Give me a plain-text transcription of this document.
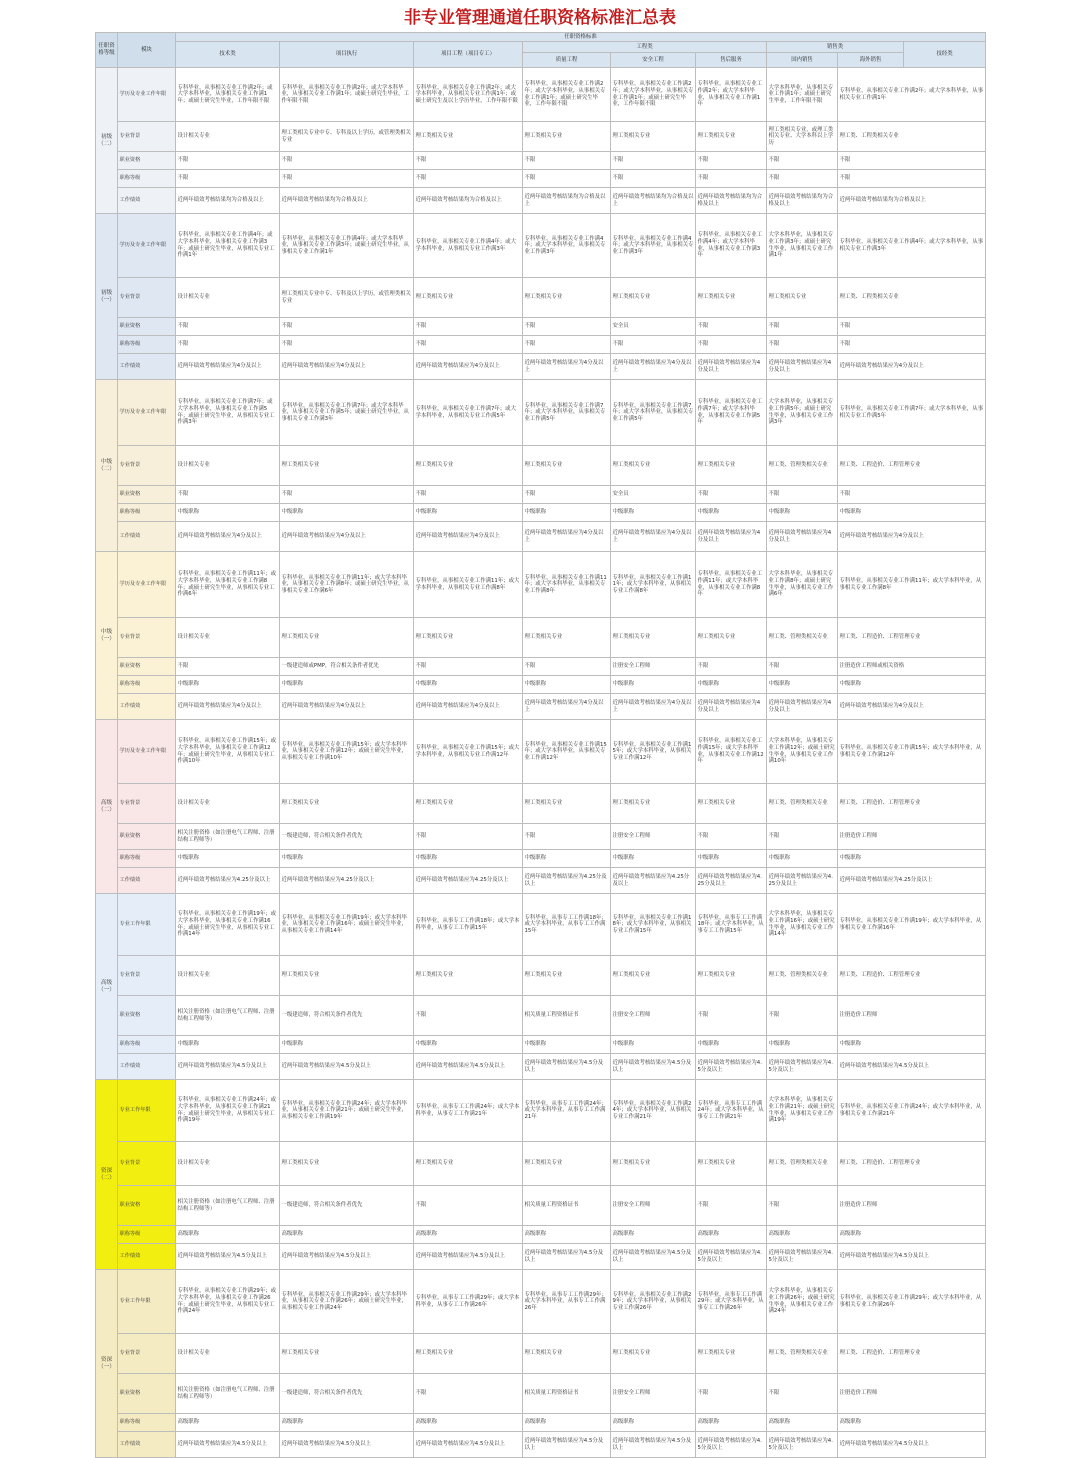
非专业管理通道任职资格标准汇总表
任职资格等级	模块	任职资格标准								
		技术类	项目执行	项目工程（项目专工）	工程类			销售类		技经类
					质量工程	安全工程	售后服务	国内销售	海外销售	
初级（二）	学历及专业工作年限	专科毕业，从事相关专业工作满2年；或大学本科毕业，从事相关专业工作满1年；或硕士研究生毕业，工作年限不限	专科毕业，从事相关专业工作满2年；或大学本科毕业，从事相关专业工作满1年；或硕士研究生毕业，工作年限不限	专科毕业，从事相关专业工作满2年；或大学本科毕业，从事相关专业工作满1年；或硕士研究生及以上学历毕业，工作年限不限	专科毕业，从事相关专业工作满2年；或大学本科毕业，从事相关专业工作满1年；或硕士研究生毕业，工作年限不限	专科毕业，从事相关专业工作满2年；或大学本科毕业，从事相关专业工作满1年；或硕士研究生毕业，工作年限不限	专科毕业，从事相关专业工作满2年；或大学本科毕业，从事相关专业工作满1年	大学本科毕业，从事相关专业工作满1年；或硕士研究生毕业，工作年限不限	专科毕业，从事相关专业工作满2年；或大学本科毕业，从事相关专业工作满1年	
	专业背景	设计相关专业	理工类相关专业中专、专科及以上学历，或管理类相关专业	理工类相关专业	理工类相关专业	理工类相关专业	理工类相关专业	理工类相关专业，或理工类相关专业、大学本科以上学历	理工类、工程类相关专业	
	职业资格	不限	不限	不限	不限	不限	不限	不限	不限	
	职称等级	不限	不限	不限	不限	不限	不限	不限	不限	
	工作绩效	近两年绩效考核结果均为合格及以上	近两年绩效考核结果均为合格及以上	近两年绩效考核结果均为合格及以上	近两年绩效考核结果均为合格及以上	近两年绩效考核结果均为合格及以上	近两年绩效考核结果均为合格及以上	近两年绩效考核结果均为合格及以上	近两年绩效考核结果均为合格及以上	
初级（一）	学历及专业工作年限	专科毕业，从事相关专业工作满4年；或大学本科毕业，从事相关专业工作满3年；或硕士研究生毕业，从事相关专业工作满1年	专科毕业，从事相关专业工作满4年；或大学本科毕业，从事相关专业工作满3年；或硕士研究生毕业，从事相关专业工作满1年	专科毕业，从事相关专业工作满4年；或大学本科毕业，从事相关专业工作满3年	专科毕业，从事相关专业工作满4年；或大学本科毕业，从事相关专业工作满3年	专科毕业，从事相关专业工作满4年；或大学本科毕业，从事相关专业工作满3年	专科毕业，从事相关专业工作满4年；或大学本科毕业，从事相关专业工作满3年	大学本科毕业，从事相关专业工作满3年；或硕士研究生毕业，从事相关专业工作满1年	专科毕业，从事相关专业工作满4年；或大学本科毕业，从事相关专业工作满3年	
	专业背景	设计相关专业	理工类相关专业中专、专科及以上学历，或管理类相关专业	理工类相关专业	理工类相关专业	理工类相关专业	理工类相关专业	理工类相关专业	理工类、工程类相关专业	
	职业资格	不限	不限	不限	不限	安全员	不限	不限	不限	
	职称等级	不限	不限	不限	不限	不限	不限	不限	不限	
	工作绩效	近两年绩效考核结果应为4分及以上	近两年绩效考核结果应为4分及以上	近两年绩效考核结果应为4分及以上	近两年绩效考核结果应为4分及以上	近两年绩效考核结果应为4分及以上	近两年绩效考核结果应为4分及以上	近两年绩效考核结果应为4分及以上	近两年绩效考核结果应为4分及以上	
中级（二）	学历及专业工作年限	专科毕业，从事相关专业工作满7年；或大学本科毕业，从事相关专业工作满5年；或硕士研究生毕业，从事相关专业工作满3年	专科毕业，从事相关专业工作满7年；或大学本科毕业，从事相关专业工作满5年；或硕士研究生毕业，从事相关专业工作满3年	专科毕业，从事相关专业工作满7年；或大学本科毕业，从事相关专业工作满5年	专科毕业，从事相关专业工作满7年；或大学本科毕业，从事相关专业工作满5年	专科毕业，从事相关专业工作满7年；或大学本科毕业，从事相关专业工作满5年	专科毕业，从事相关专业工作满7年；或大学本科毕业，从事相关专业工作满5年	大学本科毕业，从事相关专业工作满5年；或硕士研究生毕业，从事相关专业工作满3年	专科毕业，从事相关专业工作满7年；或大学本科毕业，从事相关专业工作满5年	
	专业背景	设计相关专业	理工类相关专业	理工类相关专业	理工类相关专业	理工类相关专业	理工类相关专业	理工类、管理类相关专业	理工类、工程造价、工程管理专业	
	职业资格	不限	不限	不限	不限	安全员	不限	不限	不限	
	职称等级	中级职称	中级职称	中级职称	中级职称	中级职称	中级职称	中级职称	中级职称	
	工作绩效	近两年绩效考核结果应为4分及以上	近两年绩效考核结果应为4分及以上	近两年绩效考核结果应为4分及以上	近两年绩效考核结果应为4分及以上	近两年绩效考核结果应为4分及以上	近两年绩效考核结果应为4分及以上	近两年绩效考核结果应为4分及以上	近两年绩效考核结果应为4分及以上	
中级（一）	学历及专业工作年限	专科毕业，从事相关专业工作满11年；或大学本科毕业，从事相关专业工作满8年；或硕士研究生毕业，从事相关专业工作满6年	专科毕业，从事相关专业工作满11年；或大学本科毕业，从事相关专业工作满8年；或硕士研究生毕业，从事相关专业工作满6年	专科毕业，从事相关专业工作满11年；或大学本科毕业，从事相关专业工作满8年	专科毕业，从事相关专业工作满11年；或大学本科毕业，从事相关专业工作满8年	专科毕业，从事相关专业工作满11年；或大学本科毕业，从事相关专业工作满8年	专科毕业，从事相关专业工作满11年；或大学本科毕业，从事相关专业工作满8年	大学本科毕业，从事相关专业工作满8年；或硕士研究生毕业，从事相关专业工作满6年	专科毕业，从事相关专业工作满11年；或大学本科毕业，从事相关专业工作满8年	
	专业背景	设计相关专业	理工类相关专业	理工类相关专业	理工类相关专业	理工类相关专业	理工类相关专业	理工类、管理类相关专业	理工类、工程造价、工程管理专业	
	职业资格	不限	一级建造师或PMP，符合相关条件者优先	不限	不限	注册安全工程师	不限	不限	注册造价工程师或相关资格	
	职称等级	中级职称	中级职称	中级职称	中级职称	中级职称	中级职称	中级职称	中级职称	
	工作绩效	近两年绩效考核结果应为4分及以上	近两年绩效考核结果应为4分及以上	近两年绩效考核结果应为4分及以上	近两年绩效考核结果应为4分及以上	近两年绩效考核结果应为4分及以上	近两年绩效考核结果应为4分及以上	近两年绩效考核结果应为4分及以上	近两年绩效考核结果应为4分及以上	
高级（二）	学历及专业工作年限	专科毕业，从事相关专业工作满15年；或大学本科毕业，从事相关专业工作满12年；或硕士研究生毕业，从事相关专业工作满10年	专科毕业，从事相关专业工作满15年；或大学本科毕业，从事相关专业工作满12年；或硕士研究生毕业，从事相关专业工作满10年	专科毕业，从事相关专业工作满15年；或大学本科毕业，从事相关专业工作满12年	专科毕业，从事相关专业工作满15年；或大学本科毕业，从事相关专业工作满12年	专科毕业，从事相关专业工作满15年；或大学本科毕业，从事相关专业工作满12年	专科毕业，从事相关专业工作满15年；或大学本科毕业，从事相关专业工作满12年	大学本科毕业，从事相关专业工作满12年；或硕士研究生毕业，从事相关专业工作满10年	专科毕业，从事相关专业工作满15年；或大学本科毕业，从事相关专业工作满12年	
	专业背景	设计相关专业	理工类相关专业	理工类相关专业	理工类相关专业	理工类相关专业	理工类相关专业	理工类、管理类相关专业	理工类、工程造价、工程管理专业	
	职业资格	相关注册资格（如注册电气工程师、注册结构工程师等）	一级建造师，符合相关条件者优先	不限	不限	注册安全工程师	不限	不限	注册造价工程师	
	职称等级	中级职称	中级职称	中级职称	中级职称	中级职称	中级职称	中级职称	中级职称	
	工作绩效	近两年绩效考核结果应为4.25分及以上	近两年绩效考核结果应为4.25分及以上	近两年绩效考核结果应为4.25分及以上	近两年绩效考核结果应为4.25分及以上	近两年绩效考核结果应为4.25分及以上	近两年绩效考核结果应为4.25分及以上	近两年绩效考核结果应为4.25分及以上	近两年绩效考核结果应为4.25分及以上	
高级（一）	专业工作年限	专科毕业，从事相关专业工作满19年；或大学本科毕业，从事相关专业工作满16年；或硕士研究生毕业，从事相关专业工作满14年	专科毕业，从事相关专业工作满19年；或大学本科毕业，从事相关专业工作满16年；或硕士研究生毕业，从事相关专业工作满14年	专科毕业，从事专工工作满18年；或大学本科毕业，从事专工工作满15年	专科毕业，从事专工工作满18年；或大学本科毕业，从事专工工作满15年	专科毕业，从事相关专业工作满18年；或大学本科毕业，从事相关专业工作满15年	专科毕业，从事专工工作满18年；或大学本科毕业，从事专工工作满15年	大学本科毕业，从事相关专业工作满16年；或硕士研究生毕业，从事相关专业工作满14年	专科毕业，从事相关专业工作满19年；或大学本科毕业，从事相关专业工作满16年	
	专业背景	设计相关专业	理工类相关专业	理工类相关专业	理工类相关专业	理工类相关专业	理工类相关专业	理工类、管理类相关专业	理工类、工程造价、工程管理专业	
	职业资格	相关注册资格（如注册电气工程师、注册结构工程师等）	一级建造师，符合相关条件者优先	不限	相关质量工程资格证书	注册安全工程师	不限	不限	注册造价工程师	
	职称等级	中级职称	中级职称	中级职称	中级职称	中级职称	中级职称	中级职称	中级职称	
	工作绩效	近两年绩效考核结果应为4.5分及以上	近两年绩效考核结果应为4.5分及以上	近两年绩效考核结果应为4.5分及以上	近两年绩效考核结果应为4.5分及以上	近两年绩效考核结果应为4.5分及以上	近两年绩效考核结果应为4.5分及以上	近两年绩效考核结果应为4.5分及以上	近两年绩效考核结果应为4.5分及以上	
资深（二）	专业工作年限	专科毕业，从事相关专业工作满24年；或大学本科毕业，从事相关专业工作满21年；或硕士研究生毕业，从事相关专业工作满19年	专科毕业，从事相关专业工作满24年；或大学本科毕业，从事相关专业工作满21年；或硕士研究生毕业，从事相关专业工作满19年	专科毕业，从事专工工作满24年；或大学本科毕业，从事专工工作满21年	专科毕业，从事专工工作满24年；或大学本科毕业，从事专工工作满21年	专科毕业，从事相关专业工作满24年；或大学本科毕业，从事相关专业工作满21年	专科毕业，从事专工工作满24年；或大学本科毕业，从事专工工作满21年	大学本科毕业，从事相关专业工作满21年；或硕士研究生毕业，从事相关专业工作满19年	专科毕业，从事相关专业工作满24年；或大学本科毕业，从事相关专业工作满21年	
	专业背景	设计相关专业	理工类相关专业	理工类相关专业	理工类相关专业	理工类相关专业	理工类相关专业	理工类、管理类相关专业	理工类、工程造价、工程管理专业	
	职业资格	相关注册资格（如注册电气工程师、注册结构工程师等）	一级建造师，符合相关条件者优先	不限	相关质量工程资格证书	注册安全工程师	不限	不限	注册造价工程师	
	职称等级	高级职称	高级职称	高级职称	高级职称	高级职称	高级职称	高级职称	高级职称	
	工作绩效	近两年绩效考核结果应为4.5分及以上	近两年绩效考核结果应为4.5分及以上	近两年绩效考核结果应为4.5分及以上	近两年绩效考核结果应为4.5分及以上	近两年绩效考核结果应为4.5分及以上	近两年绩效考核结果应为4.5分及以上	近两年绩效考核结果应为4.5分及以上	近两年绩效考核结果应为4.5分及以上	
资深（一）	专业工作年限	专科毕业，从事相关专业工作满29年；或大学本科毕业，从事相关专业工作满26年；或硕士研究生毕业，从事相关专业工作满24年	专科毕业，从事相关专业工作满29年；或大学本科毕业，从事相关专业工作满26年；或硕士研究生毕业，从事相关专业工作满24年	专科毕业，从事专工工作满29年；或大学本科毕业，从事专工工作满26年	专科毕业，从事专工工作满29年；或大学本科毕业，从事专工工作满26年	专科毕业，从事相关专业工作满29年；或大学本科毕业，从事相关专业工作满26年	专科毕业，从事专工工作满29年；或大学本科毕业，从事专工工作满26年	大学本科毕业，从事相关专业工作满26年；或硕士研究生毕业，从事相关专业工作满24年	专科毕业，从事相关专业工作满29年；或大学本科毕业，从事相关专业工作满26年	
	专业背景	设计相关专业	理工类相关专业	理工类相关专业	理工类相关专业	理工类相关专业	理工类相关专业	理工类、管理类相关专业	理工类、工程造价、工程管理专业	
	职业资格	相关注册资格（如注册电气工程师、注册结构工程师等）	一级建造师，符合相关条件者优先	不限	相关质量工程资格证书	注册安全工程师	不限	不限	注册造价工程师	
	职称等级	高级职称	高级职称	高级职称	高级职称	高级职称	高级职称	高级职称	高级职称	
	工作绩效	近两年绩效考核结果应为4.5分及以上	近两年绩效考核结果应为4.5分及以上	近两年绩效考核结果应为4.5分及以上	近两年绩效考核结果应为4.5分及以上	近两年绩效考核结果应为4.5分及以上	近两年绩效考核结果应为4.5分及以上	近两年绩效考核结果应为4.5分及以上	近两年绩效考核结果应为4.5分及以上	
